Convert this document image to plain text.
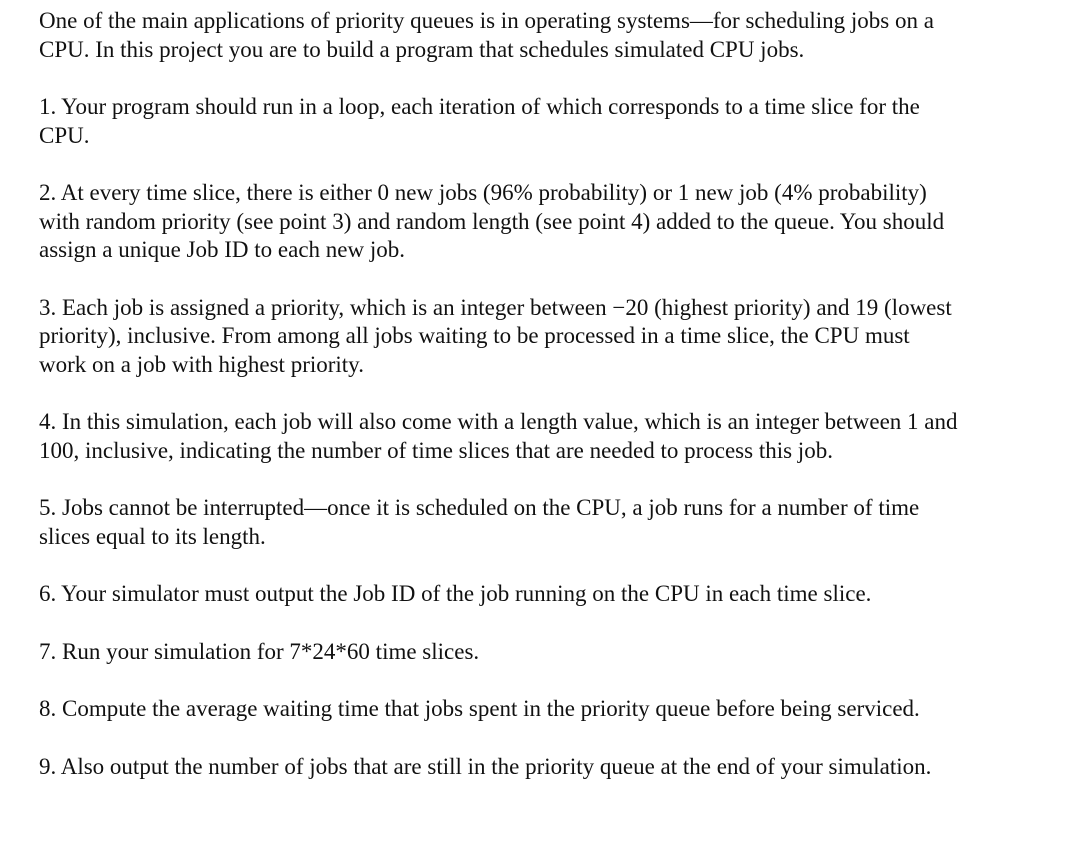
One of the main applications of priority queues is in operating systems—for scheduling jobs on a
CPU. In this project you are to build a program that schedules simulated CPU jobs.

1. Your program should run in a loop, each iteration of which corresponds to a time slice for the
CPU.

2. At every time slice, there is either 0 new jobs (96% probability) or 1 new job (4% probability)
with random priority (see point 3) and random length (see point 4) added to the queue. You should
assign a unique Job ID to each new job.

3. Each job is assigned a priority, which is an integer between −20 (highest priority) and 19 (lowest
priority), inclusive. From among all jobs waiting to be processed in a time slice, the CPU must
work on a job with highest priority.

4. In this simulation, each job will also come with a length value, which is an integer between 1 and
100, inclusive, indicating the number of time slices that are needed to process this job.

5. Jobs cannot be interrupted—once it is scheduled on the CPU, a job runs for a number of time
slices equal to its length.

6. Your simulator must output the Job ID of the job running on the CPU in each time slice.

7. Run your simulation for 7*24*60 time slices.

8. Compute the average waiting time that jobs spent in the priority queue before being serviced.

9. Also output the number of jobs that are still in the priority queue at the end of your simulation.
